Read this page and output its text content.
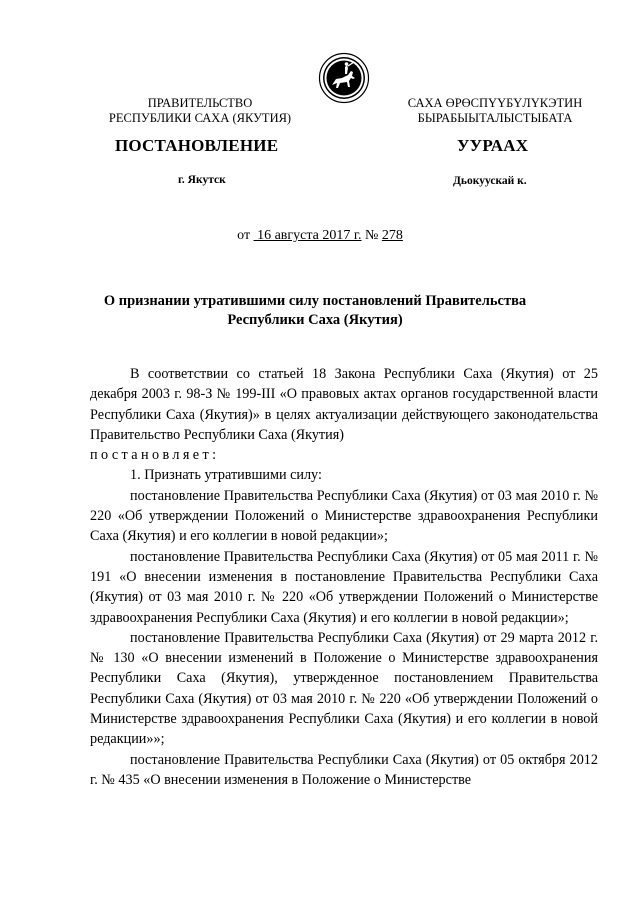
ПРАВИТЕЛЬСТВО
РЕСПУБЛИКИ САХА (ЯКУТИЯ)
САХА ӨРӨСПҮҮБҮЛҮКЭТИН
БЫРАБЫЫТАЛЫСТЫБАТА
ПОСТАНОВЛЕНИЕ	УУРААХ
г. Якутск	Дьокуускай к.
от 16 августа 2017 г. № 278
О признании утратившими силу постановлений Правительства
Республики Саха (Якутия)

В соответствии со статьей 18 Закона Республики Саха (Якутия) от 25 декабря 2003 г. 98-З № 199-III «О правовых актах органов государственной власти Республики Саха (Якутия)» в целях актуализации действующего законодательства Правительство Республики Саха (Якутия)

постановляет:

1. Признать утратившими силу:

постановление Правительства Республики Саха (Якутия) от 03 мая 2010 г. № 220 «Об утверждении Положений о Министерстве здравоохранения Республики Саха (Якутия) и его коллегии в новой редакции»;

постановление Правительства Республики Саха (Якутия) от 05 мая 2011 г. № 191 «О внесении изменения в постановление Правительства Республики Саха (Якутия) от 03 мая 2010 г. № 220 «Об утверждении Положений о Министерстве здравоохранения Республики Саха (Якутия) и его коллегии в новой редакции»;

постановление Правительства Республики Саха (Якутия) от 29 марта 2012 г. № 130 «О внесении изменений в Положение о Министерстве здравоохранения Республики Саха (Якутия), утвержденное постановлением Правительства Республики Саха (Якутия) от 03 мая 2010 г. № 220 «Об утверждении Положений о Министерстве здравоохранения Республики Саха (Якутия) и его коллегии в новой редакции»»;

постановление Правительства Республики Саха (Якутия) от 05 октября 2012 г. № 435 «О внесении изменения в Положение о Министерстве
